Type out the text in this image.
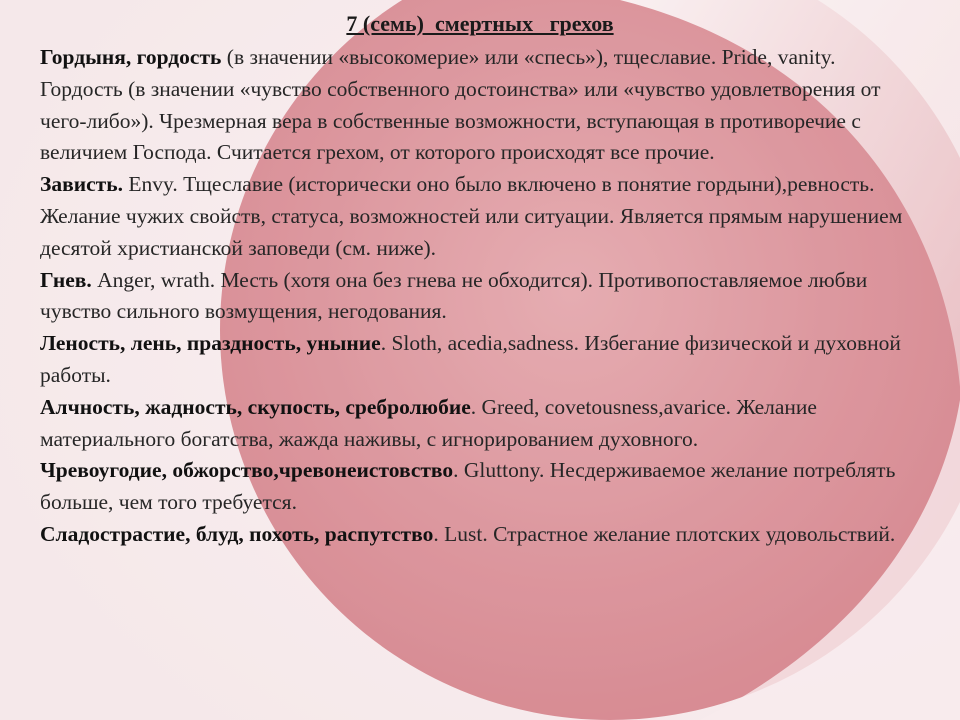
7 (семь)  смертных   грехов

Гордыня, гордость (в значении «высокомерие» или «спесь»), тщеславие. Pride, vanity. Гордость (в значении «чувство собственного достоинства» или «чувство удовлетворения от чего-либо»). Чрезмерная вера в собственные возможности, вступающая в противоречие с величием Господа. Считается грехом, от которого происходят все прочие.

Зависть. Envy. Тщеславие (исторически оно было включено в понятие гордыни),ревность. Желание чужих свойств, статуса, возможностей или ситуации. Является прямым нарушением десятой христианской заповеди (см. ниже).

Гнев. Anger, wrath. Месть (хотя она без гнева не обходится). Противопоставляемое любви чувство сильного возмущения, негодования.

Леность, лень, праздность, уныние. Sloth, acedia,sadness. Избегание физической и духовной работы.

Алчность, жадность, скупость, сребролюбие. Greed, covetousness,avarice. Желание материального богатства, жажда наживы, с игнорированием духовного.

Чревоугодие, обжорство,чревонеистовство. Gluttony. Несдерживаемое желание потреблять больше, чем того требуется.

Сладострастие, блуд, похоть, распутство. Lust. Страстное желание плотских удовольствий.
